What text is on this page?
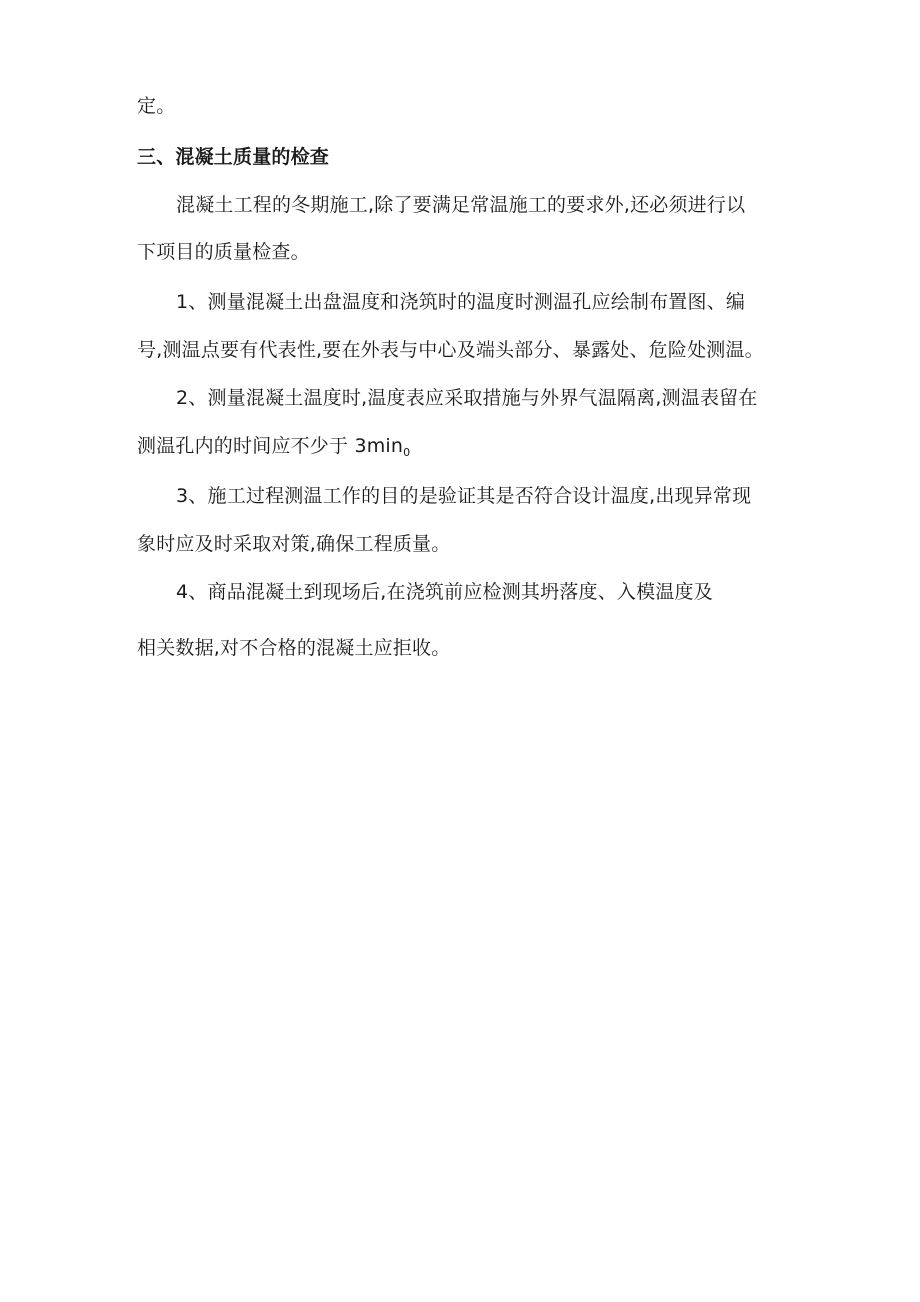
定。
三、混凝土质量的检查
混凝土工程的冬期施工,除了要满足常温施工的要求外,还必须进行以
下项目的质量检查。
1、测量混凝土出盘温度和浇筑时的温度时测温孔应绘制布置图、编
号,测温点要有代表性,要在外表与中心及端头部分、暴露处、危险处测温。
2、测量混凝土温度时,温度表应采取措施与外界气温隔离,测温表留在
测温孔内的时间应不少于 $3\min_0$
3、施工过程测温工作的目的是验证其是否符合设计温度,出现异常现
象时应及时采取对策,确保工程质量。
4、商品混凝土到现场后,在浇筑前应检测其坍落度、入模温度及
相关数据,对不合格的混凝土应拒收。
